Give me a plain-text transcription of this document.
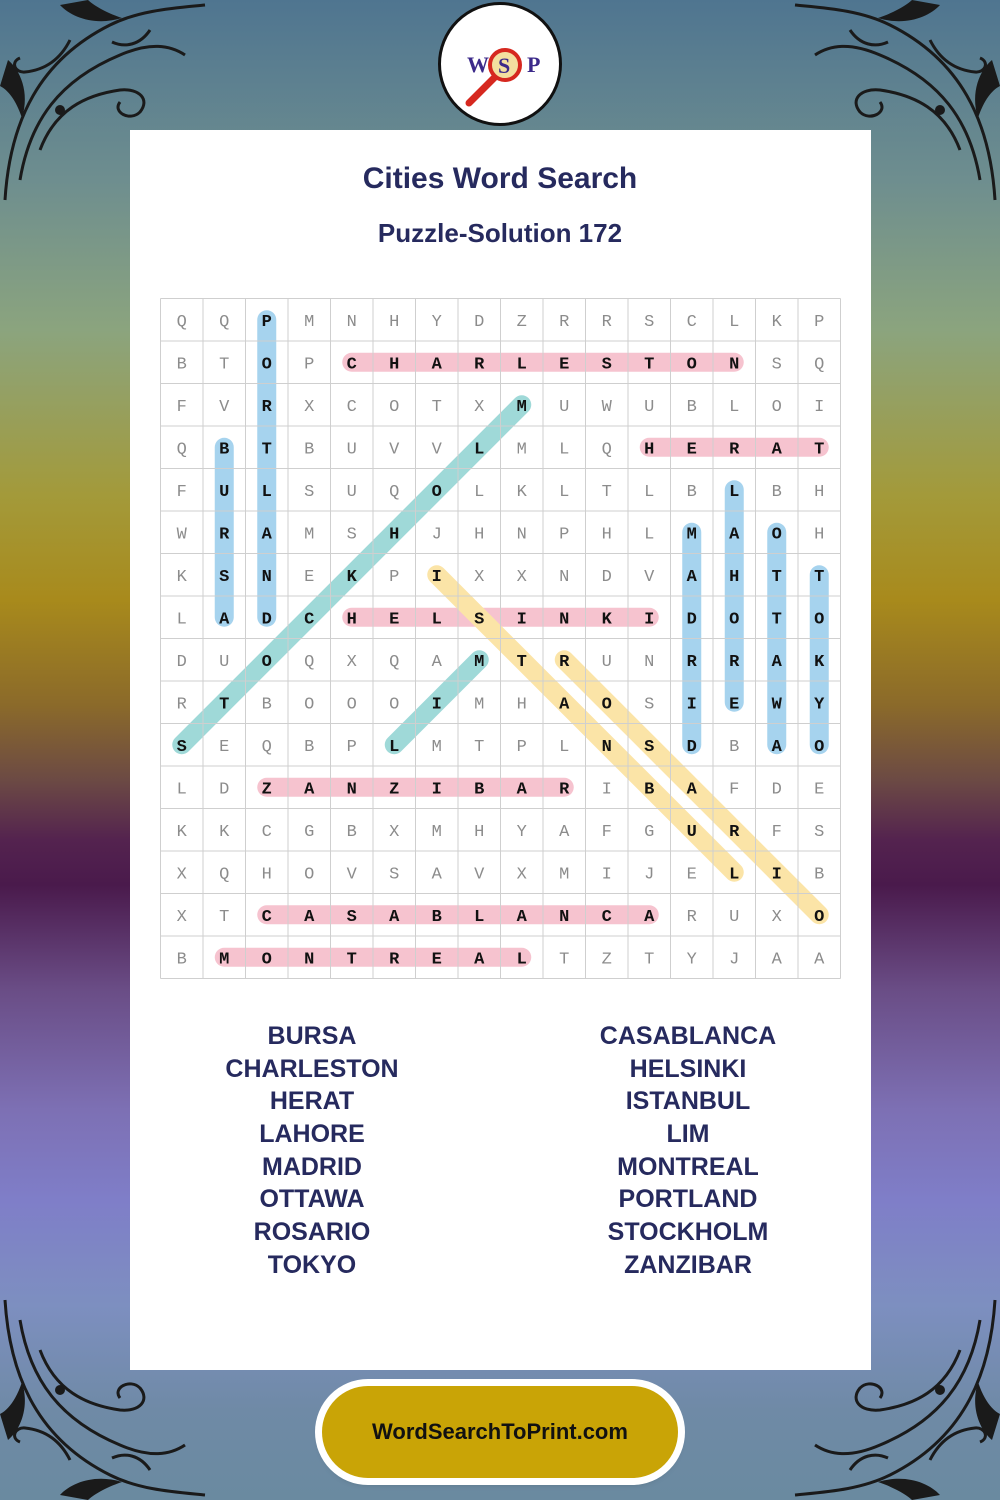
W S P
Cities Word Search
Puzzle-Solution 172
Q Q P M N H Y D Z R R S C L K P
B T O P C H A R L E S T O N S Q
F V R X C O T X M U W U B L O I
Q B T B U V V L M L Q H E R A T
F U L S U Q O L K L T L B L B H
W R A M S H J H N P H L M A O H
K S N E K P I X X N D V A H T T
L A D C H E L S I N K I D O T O
D U O Q X Q A M T R U N R R A K
R T B O O O I M H A O S I E W Y
S E Q B P L M T P L N S D B A O
L D Z A N Z I B A R I B A F D E
K K C G B X M H Y A F G U R F S
X Q H O V S A V X M I J E L I B
X T C A S A B L A N C A R U X O
B M O N T R E A L T Z T Y J A A
BURSA
CHARLESTON
HERAT
LAHORE
MADRID
OTTAWA
ROSARIO
TOKYO
CASABLANCA
HELSINKI
ISTANBUL
LIM
MONTREAL
PORTLAND
STOCKHOLM
ZANZIBAR
WordSearchToPrint.com
